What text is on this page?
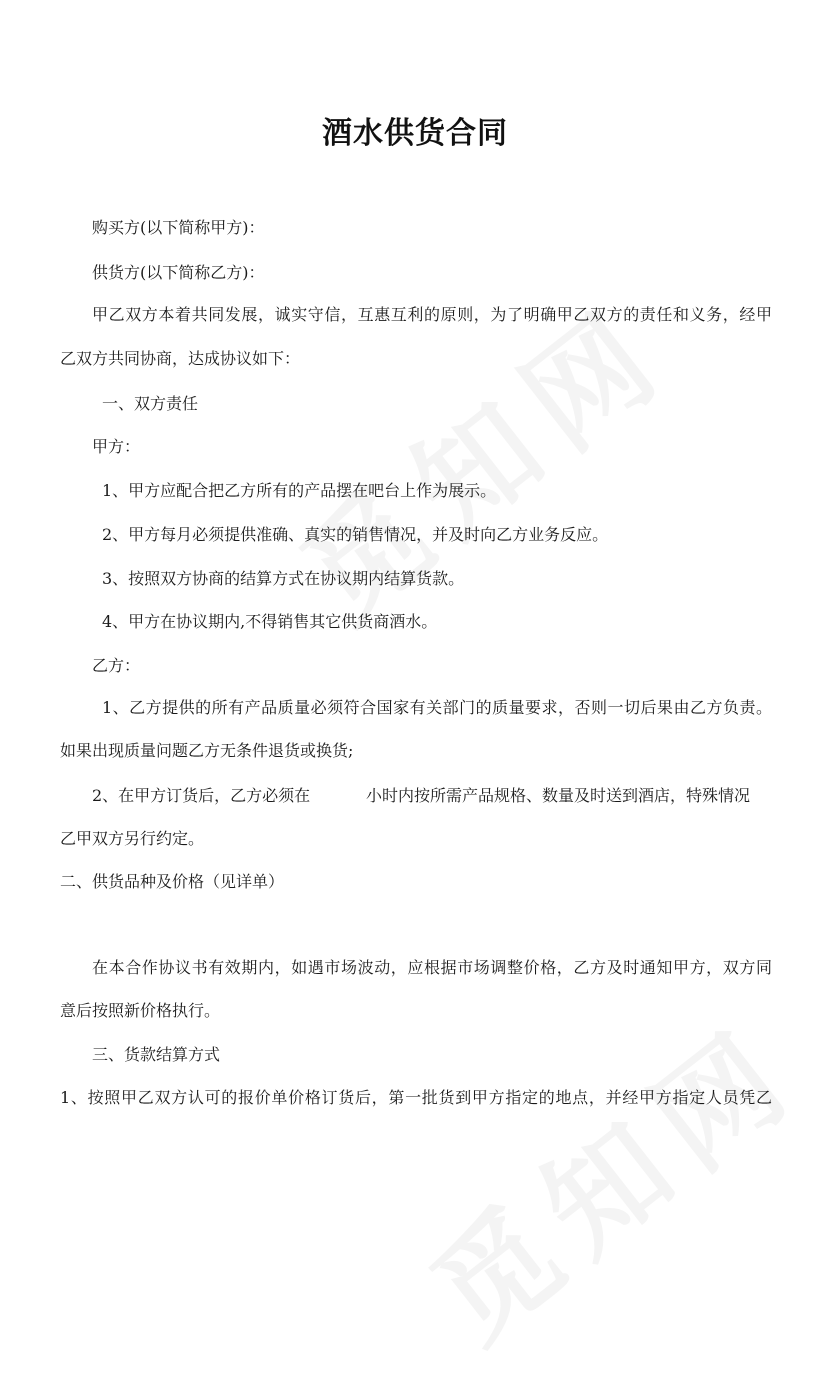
酒水供货合同
购买方(以下简称甲方)：
供货方(以下简称乙方)：
甲乙双方本着共同发展，诚实守信，互惠互利的原则，为了明确甲乙双方的责任和义务，经甲
乙双方共同协商，达成协议如下：
一、双方责任
甲方：
1、甲方应配合把乙方所有的产品摆在吧台上作为展示。
2、甲方每月必须提供准确、真实的销售情况，并及时向乙方业务反应。
3、按照双方协商的结算方式在协议期内结算货款。
4、甲方在协议期内,不得销售其它供货商酒水。
乙方：
1、乙方提供的所有产品质量必须符合国家有关部门的质量要求，否则一切后果由乙方负责。
如果出现质量问题乙方无条件退货或换货;
2、在甲方订货后，乙方必须在	小时内按所需产品规格、数量及时送到酒店，特殊情况
乙甲双方另行约定。
二、供货品种及价格（见详单）
在本合作协议书有效期内，如遇市场波动，应根据市场调整价格，乙方及时通知甲方，双方同
意后按照新价格执行。
三、货款结算方式
1、按照甲乙双方认可的报价单价格订货后，第一批货到甲方指定的地点，并经甲方指定人员凭乙
